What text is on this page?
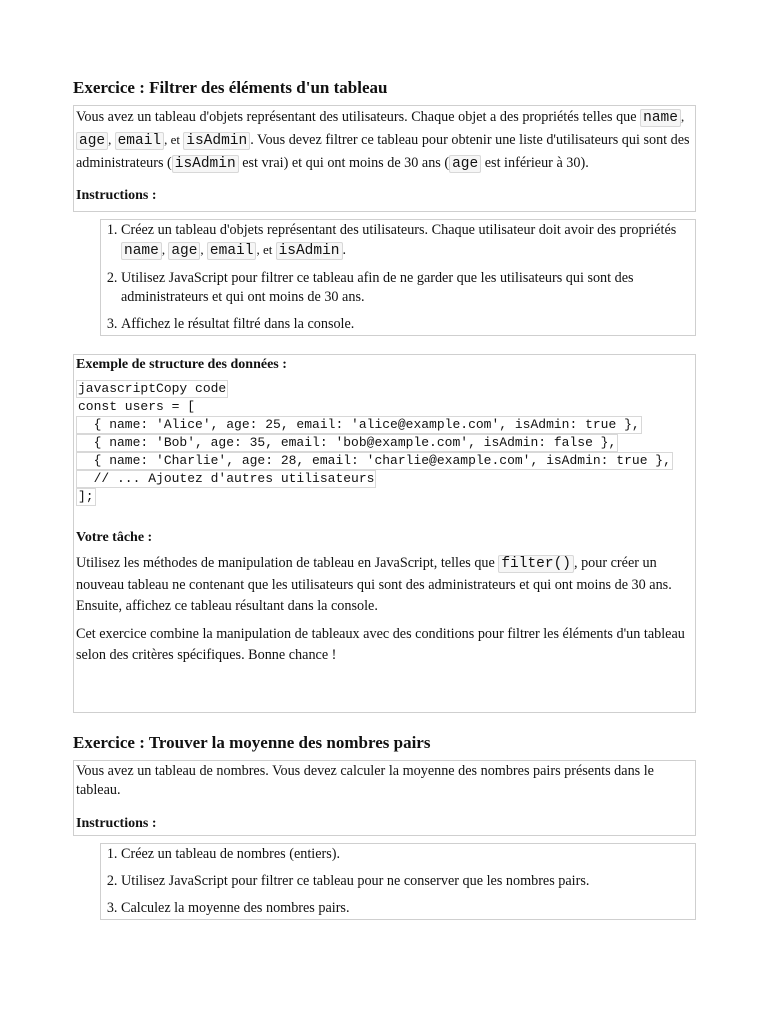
Exercice : Filtrer des éléments d'un tableau

Vous avez un tableau d'objets représentant des utilisateurs. Chaque objet a des propriétés telles que name , age , email , et isAdmin . Vous devez filtrer ce tableau pour obtenir une liste d'utilisateurs qui sont des administrateurs ( isAdmin est vrai) et qui ont moins de 30 ans ( age est inférieur à 30).

Instructions :
1. Créez un tableau d'objets représentant des utilisateurs. Chaque utilisateur doit avoir des propriétés name , age , email , et isAdmin .
2. Utilisez JavaScript pour filtrer ce tableau afin de ne garder que les utilisateurs qui sont des administrateurs et qui ont moins de 30 ans.
3. Affichez le résultat filtré dans la console.
Exemple de structure des données :
javascriptCopy code
const users = [
{ name: 'Alice', age: 25, email: 'alice@example.com', isAdmin: true },
{ name: 'Bob', age: 35, email: 'bob@example.com', isAdmin: false },
{ name: 'Charlie', age: 28, email: 'charlie@example.com', isAdmin: true },
// ... Ajoutez d'autres utilisateurs
];
Votre tâche :

Utilisez les méthodes de manipulation de tableau en JavaScript, telles que filter() , pour créer un nouveau tableau ne contenant que les utilisateurs qui sont des administrateurs et qui ont moins de 30 ans. Ensuite, affichez ce tableau résultant dans la console.

Cet exercice combine la manipulation de tableaux avec des conditions pour filtrer les éléments d'un tableau selon des critères spécifiques. Bonne chance !

Exercice : Trouver la moyenne des nombres pairs
Vous avez un tableau de nombres. Vous devez calculer la moyenne des nombres pairs présents dans le tableau.
Instructions :
1. Créez un tableau de nombres (entiers).
2. Utilisez JavaScript pour filtrer ce tableau pour ne conserver que les nombres pairs.
3. Calculez la moyenne des nombres pairs.
